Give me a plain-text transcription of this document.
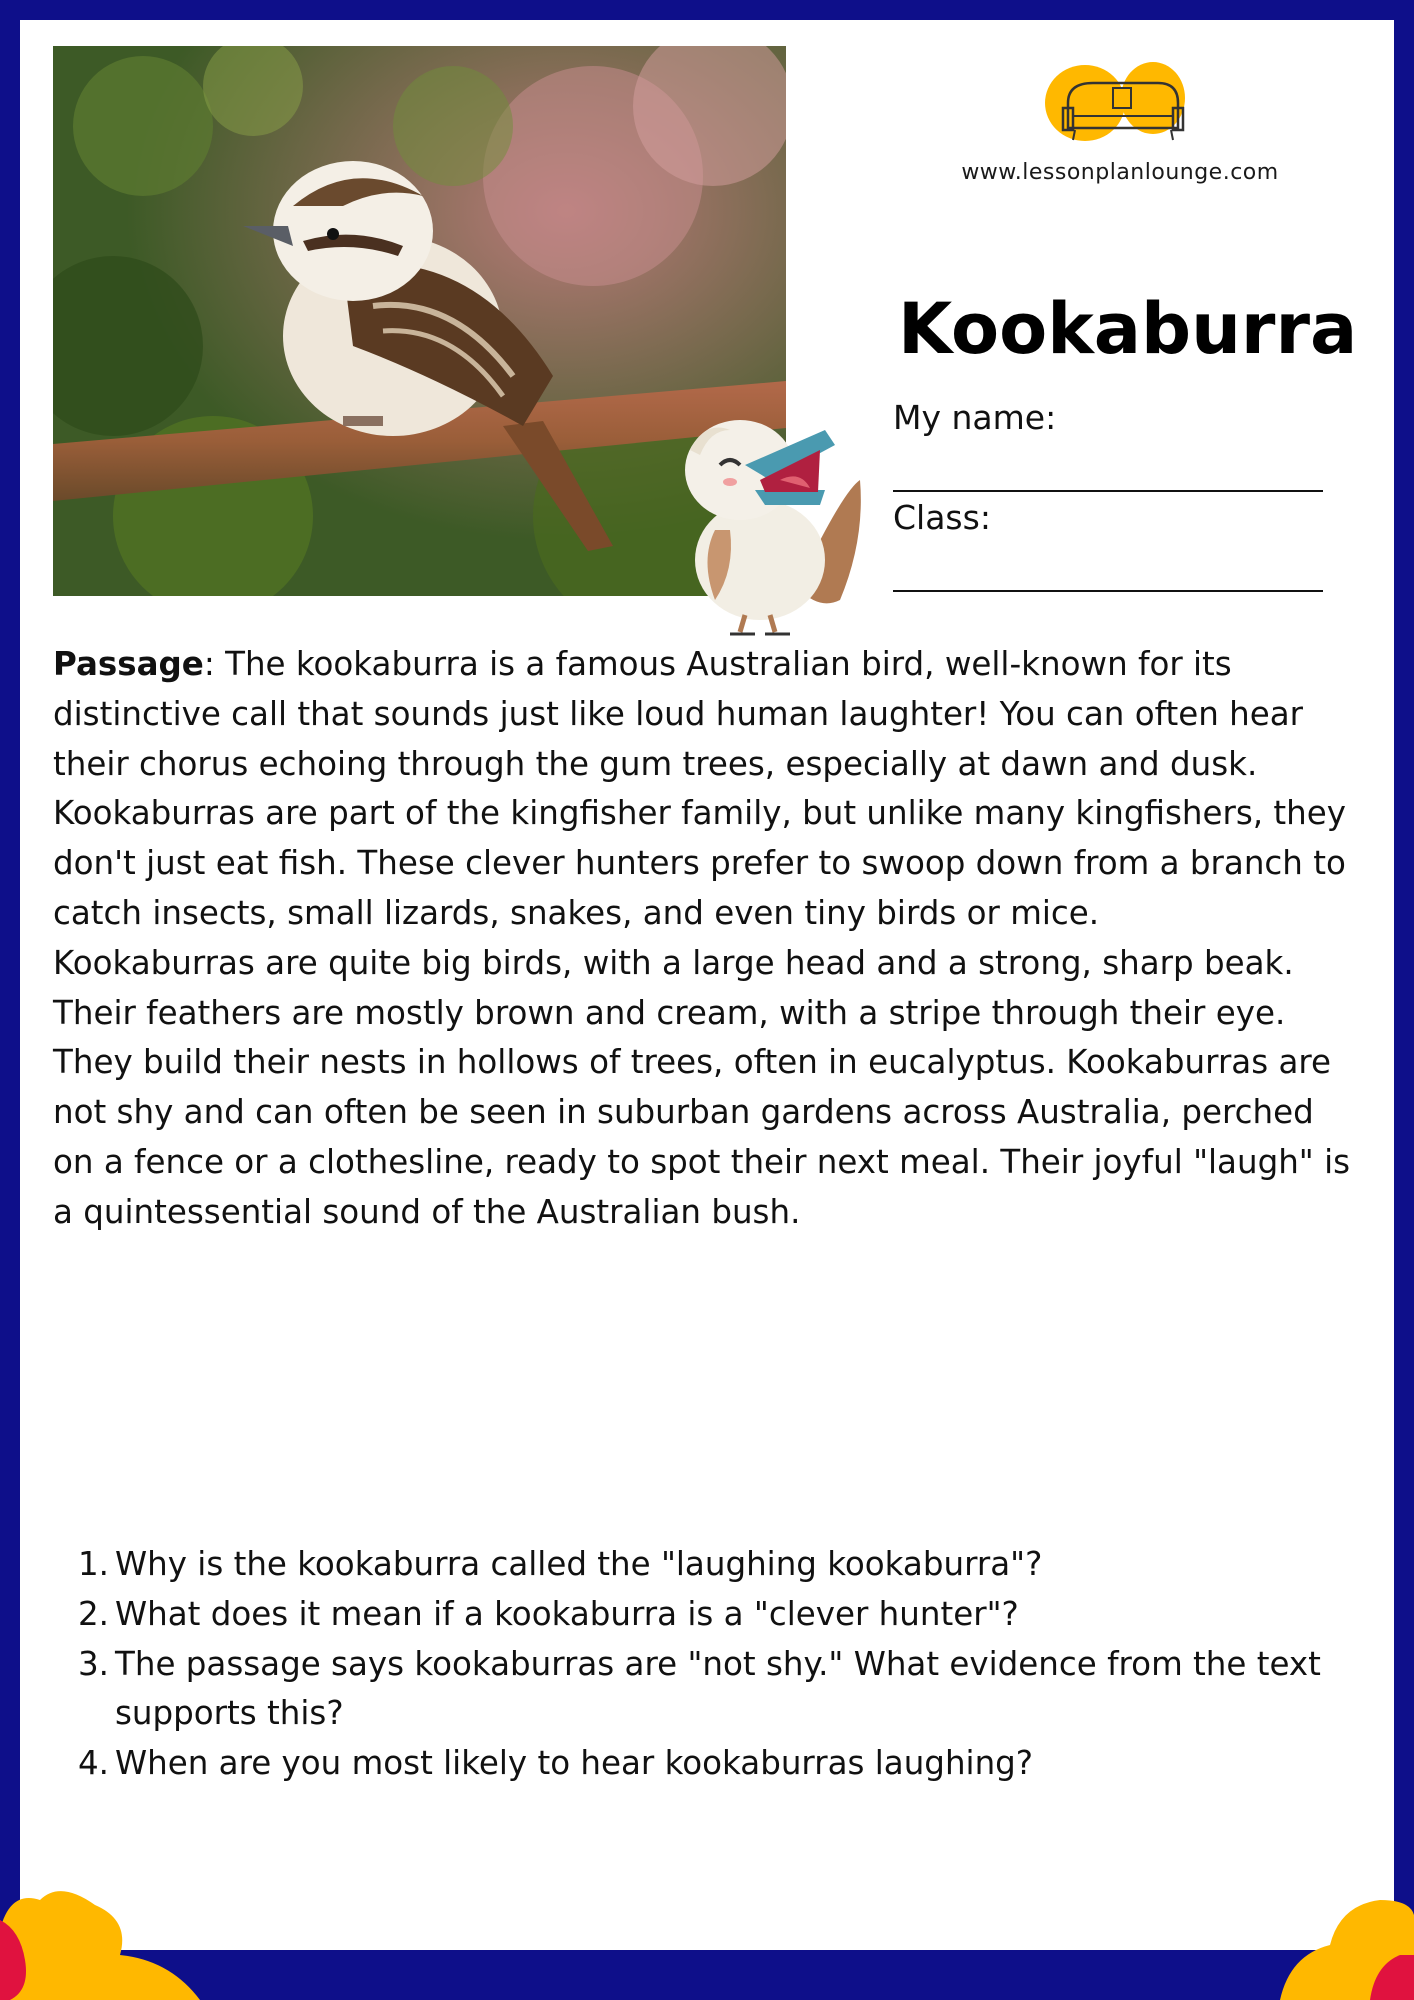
www.lessonplanlounge.com
Kookaburra
My name:
Class:

Passage: The kookaburra is a famous Australian bird, well-known for its distinctive call that sounds just like loud human laughter! You can often hear their chorus echoing through the gum trees, especially at dawn and dusk. Kookaburras are part of the kingfisher family, but unlike many kingfishers, they don't just eat fish. These clever hunters prefer to swoop down from a branch to catch insects, small lizards, snakes, and even tiny birds or mice.

Kookaburras are quite big birds, with a large head and a strong, sharp beak. Their feathers are mostly brown and cream, with a stripe through their eye. They build their nests in hollows of trees, often in eucalyptus. Kookaburras are not shy and can often be seen in suburban gardens across Australia, perched on a fence or a clothesline, ready to spot their next meal. Their joyful "laugh" is a quintessential sound of the Australian bush.

1. Why is the kookaburra called the "laughing kookaburra"?
2. What does it mean if a kookaburra is a "clever hunter"?
3. The passage says kookaburras are "not shy." What evidence from the text supports this?
4. When are you most likely to hear kookaburras laughing?
